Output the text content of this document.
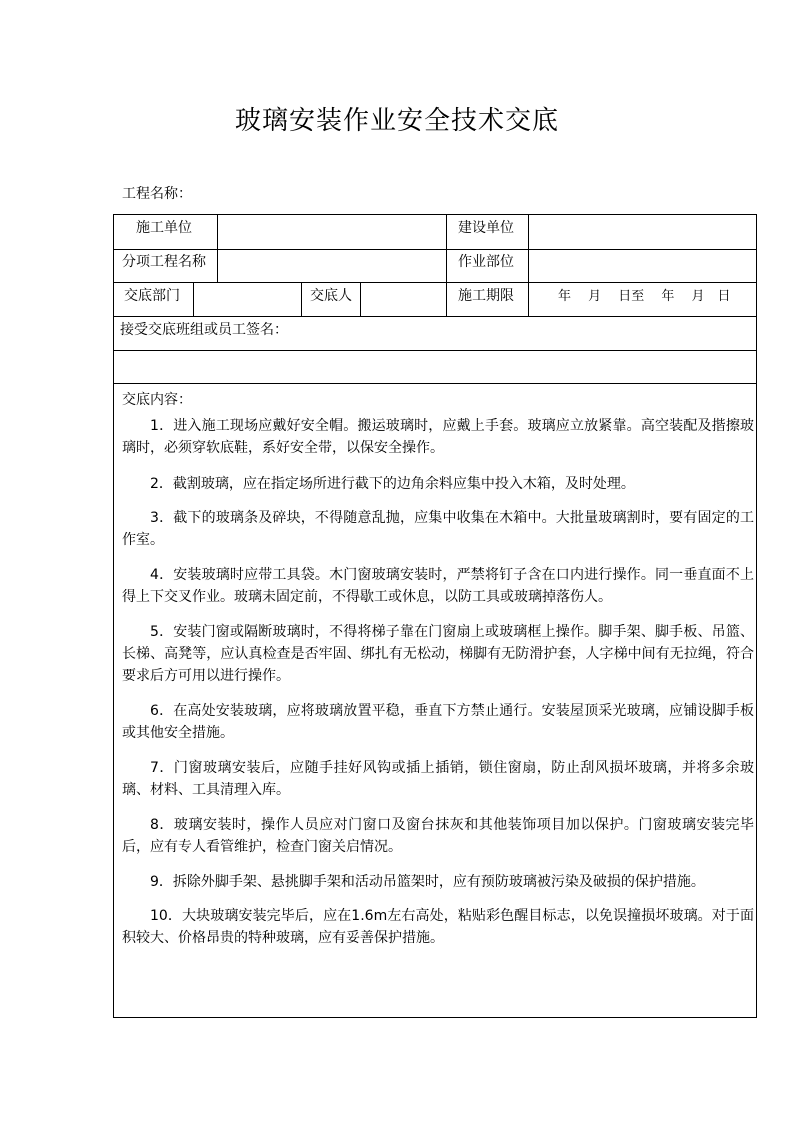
玻璃安装作业安全技术交底
工程名称：
施工单位	建设单位
分项工程名称	作业部位
交底部门	交底人	施工期限	年　 月　 日至　 年　 月　日
接受交底班组或员工签名：
交底内容：
1．进入施工现场应戴好安全帽。搬运玻璃时，应戴上手套。玻璃应立放紧靠。高空装配及揩擦玻璃时，必须穿软底鞋，系好安全带，以保安全操作。
2．截割玻璃，应在指定场所进行截下的边角余料应集中投入木箱，及时处理。
3．截下的玻璃条及碎块，不得随意乱抛，应集中收集在木箱中。大批量玻璃割时，要有固定的工作室。
4．安装玻璃时应带工具袋。木门窗玻璃安装时，严禁将钉子含在口内进行操作。同一垂直面不上得上下交叉作业。玻璃未固定前，不得歇工或休息，以防工具或玻璃掉落伤人。
5．安装门窗或隔断玻璃时，不得将梯子靠在门窗扇上或玻璃框上操作。脚手架、脚手板、吊篮、长梯、高凳等，应认真检查是否牢固、绑扎有无松动，梯脚有无防滑护套，人字梯中间有无拉绳，符合要求后方可用以进行操作。
6．在高处安装玻璃，应将玻璃放置平稳，垂直下方禁止通行。安装屋顶采光玻璃，应铺设脚手板或其他安全措施。
7．门窗玻璃安装后，应随手挂好风钩或插上插销，锁住窗扇，防止刮风损坏玻璃，并将多余玻璃、材料、工具清理入库。
8．玻璃安装时，操作人员应对门窗口及窗台抹灰和其他装饰项目加以保护。门窗玻璃安装完毕后，应有专人看管维护，检查门窗关启情况。
9．拆除外脚手架、悬挑脚手架和活动吊篮架时，应有预防玻璃被污染及破损的保护措施。
10．大块玻璃安装完毕后，应在1.6m左右高处，粘贴彩色醒目标志，以免误撞损坏玻璃。对于面积较大、价格昂贵的特种玻璃，应有妥善保护措施。
